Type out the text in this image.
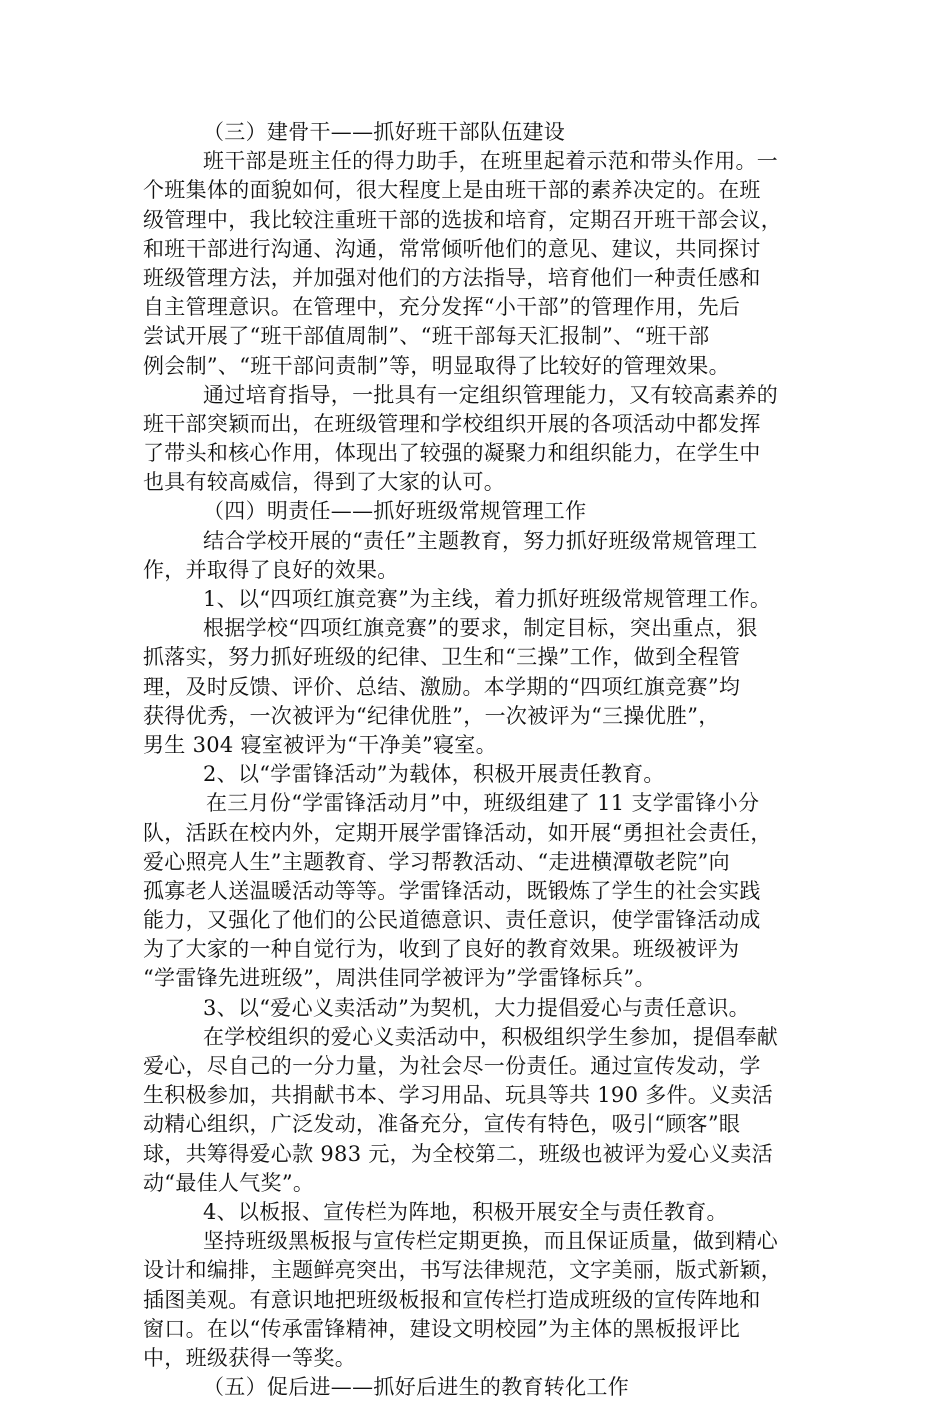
（三）建骨干——抓好班干部队伍建设
班干部是班主任的得力助手，在班里起着示范和带头作用。一
个班集体的面貌如何，很大程度上是由班干部的素养决定的。在班
级管理中，我比较注重班干部的选拔和培育，定期召开班干部会议，
和班干部进行沟通、沟通，常常倾听他们的意见、建议，共同探讨
班级管理方法，并加强对他们的方法指导，培育他们一种责任感和
自主管理意识。在管理中，充分发挥“小干部”的管理作用，先后
尝试开展了“班干部值周制”、“班干部每天汇报制”、“班干部
例会制”、“班干部问责制”等，明显取得了比较好的管理效果。
通过培育指导，一批具有一定组织管理能力，又有较高素养的
班干部突颖而出，在班级管理和学校组织开展的各项活动中都发挥
了带头和核心作用，体现出了较强的凝聚力和组织能力，在学生中
也具有较高威信，得到了大家的认可。
（四）明责任——抓好班级常规管理工作
结合学校开展的“责任”主题教育，努力抓好班级常规管理工
作，并取得了良好的效果。
1、以“四项红旗竞赛”为主线，着力抓好班级常规管理工作。
根据学校“四项红旗竞赛”的要求，制定目标，突出重点，狠
抓落实，努力抓好班级的纪律、卫生和“三操”工作，做到全程管
理，及时反馈、评价、总结、激励。本学期的“四项红旗竞赛”均
获得优秀，一次被评为“纪律优胜”，一次被评为“三操优胜”，
男生 304 寝室被评为“干净美”寝室。
2、以“学雷锋活动”为载体，积极开展责任教育。
在三月份“学雷锋活动月”中，班级组建了 11 支学雷锋小分
队，活跃在校内外，定期开展学雷锋活动，如开展“勇担社会责任，
爱心照亮人生”主题教育、学习帮教活动、“走进横潭敬老院”向
孤寡老人送温暖活动等等。学雷锋活动，既锻炼了学生的社会实践
能力，又强化了他们的公民道德意识、责任意识，使学雷锋活动成
为了大家的一种自觉行为，收到了良好的教育效果。班级被评为
“学雷锋先进班级”，周洪佳同学被评为”学雷锋标兵”。
3、以“爱心义卖活动”为契机，大力提倡爱心与责任意识。
在学校组织的爱心义卖活动中，积极组织学生参加，提倡奉献
爱心，尽自己的一分力量，为社会尽一份责任。通过宣传发动，学
生积极参加，共捐献书本、学习用品、玩具等共 190 多件。义卖活
动精心组织，广泛发动，准备充分，宣传有特色，吸引“顾客”眼
球，共筹得爱心款 983 元，为全校第二，班级也被评为爱心义卖活
动“最佳人气奖”。
4、以板报、宣传栏为阵地，积极开展安全与责任教育。
坚持班级黑板报与宣传栏定期更换，而且保证质量，做到精心
设计和编排，主题鲜亮突出，书写法律规范，文字美丽，版式新颖，
插图美观。有意识地把班级板报和宣传栏打造成班级的宣传阵地和
窗口。在以“传承雷锋精神，建设文明校园”为主体的黑板报评比
中，班级获得一等奖。
（五）促后进——抓好后进生的教育转化工作
